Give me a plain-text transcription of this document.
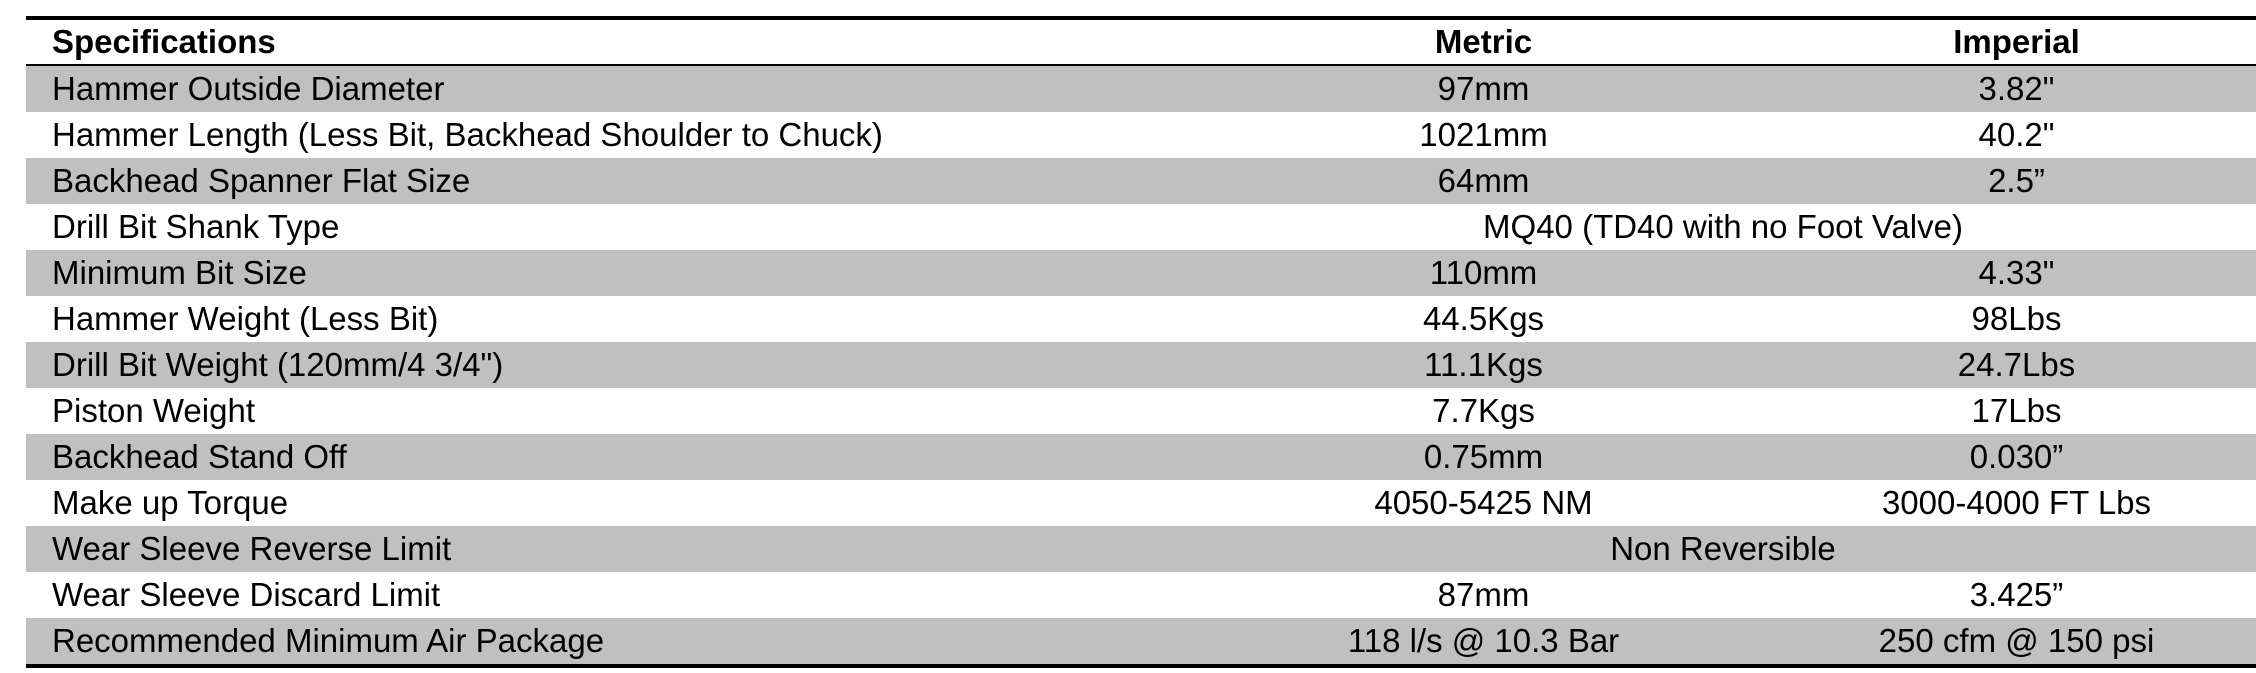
Specifications	Metric	Imperial
Hammer Outside Diameter	97mm	3.82"
Hammer Length (Less Bit, Backhead Shoulder to Chuck)	1021mm	40.2"
Backhead Spanner Flat Size	64mm	2.5”
Drill Bit Shank Type	MQ40 (TD40 with no Foot Valve)	
Minimum Bit Size	110mm	4.33"
Hammer Weight (Less Bit)	44.5Kgs	98Lbs
Drill Bit Weight (120mm/4 3/4")	11.1Kgs	24.7Lbs
Piston Weight	7.7Kgs	17Lbs
Backhead Stand Off	0.75mm	0.030”
Make up Torque	4050-5425 NM	3000-4000 FT Lbs
Wear Sleeve Reverse Limit	Non Reversible	
Wear Sleeve Discard Limit	87mm	3.425”
Recommended Minimum Air Package	118 l/s @ 10.3 Bar	250 cfm @ 150 psi
